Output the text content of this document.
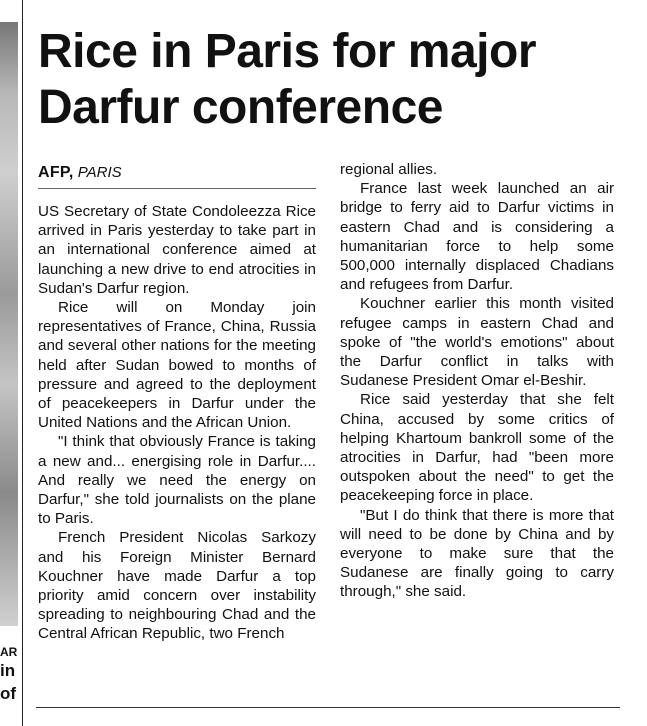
AR
in
of
Rice in Paris for major
Darfur conference
AFP, PARIS

US Secretary of State Condoleezza Rice arrived in Paris yesterday to take part in an international conference aimed at launching a new drive to end atrocities in Sudan's Darfur region.

Rice will on Monday join representatives of France, China, Russia and several other nations for the meeting held after Sudan bowed to months of pressure and agreed to the deployment of peacekeepers in Darfur under the United Nations and the African Union.

"I think that obviously France is taking a new and... energising role in Darfur.... And really we need the energy on Darfur," she told journalists on the plane to Paris.

French President Nicolas Sarkozy and his Foreign Minister Bernard Kouchner have made Darfur a top priority amid concern over instability spreading to neighbouring Chad and the Central African Republic, two French

regional allies.

France last week launched an air bridge to ferry aid to Darfur victims in eastern Chad and is considering a humanitarian force to help some 500,000 internally displaced Chadians and refugees from Darfur.

Kouchner earlier this month visited refugee camps in eastern Chad and spoke of "the world's emotions" about the Darfur conflict in talks with Sudanese President Omar el-Beshir.

Rice said yesterday that she felt China, accused by some critics of helping Khartoum bankroll some of the atrocities in Darfur, had "been more outspoken about the need" to get the peacekeeping force in place.

"But I do think that there is more that will need to be done by China and by everyone to make sure that the Sudanese are finally going to carry through," she said.
